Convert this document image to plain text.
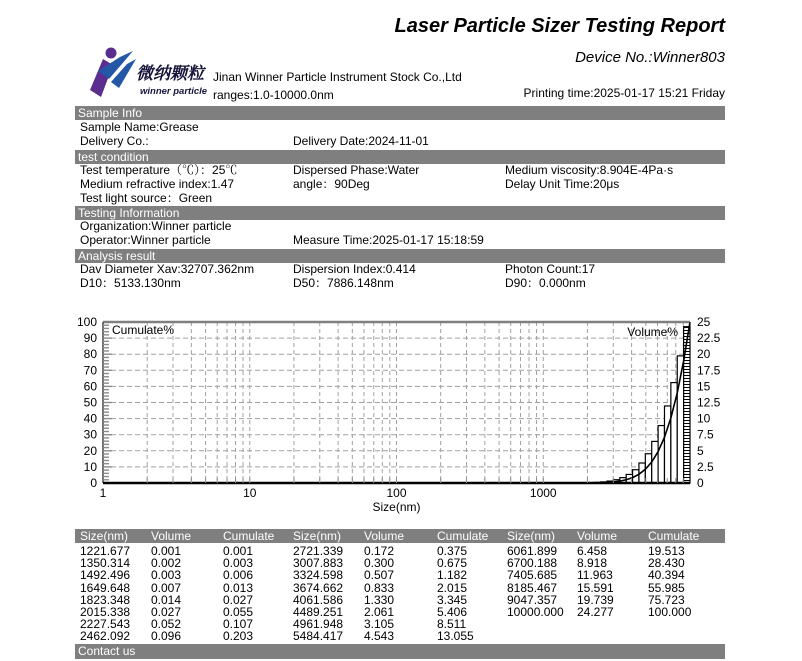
Laser Particle Sizer Testing Report
Device No.:Winner803
微纳颗粒
winner particle
Jinan Winner Particle Instrument Stock Co.,Ltd
ranges:1.0-10000.0nm	Printing time:2025-01-17 15:21 Friday
Sample Info
Sample Name:Grease
Delivery Co.:	Delivery Date:2024-11-01
test condition
Test temperature（℃）：25℃	Dispersed Phase:Water	Medium viscosity:8.904E-4Pa·s
Medium refractive index:1.47	angle：90Deg	Delay Unit Time:20μs
Test light source：Green
Testing Information
Organization:Winner particle
Operator:Winner particle	Measure Time:2025-01-17 15:18:59
Analysis result
Dav Diameter Xav:32707.362nm	Dispersion Index:0.414	Photon Count:17
D10：5133.130nm	D50：7886.148nm	D90：0.000nm
0
10
20
30
40
50
60
70
80
90
100
0
2.5
5
7.5
10
12.5
15
17.5
20
22.5
25
1	10	100	1000
Size(nm)
Cumulate%	Volume%
Size(nm) Volume	Cumulate Size(nm) Volume	Cumulate Size(nm) Volume	Cumulate
1221.677 0.001	0.001	2721.339 0.172	0.375	6061.899 6.458	19.513
1350.314 0.002	0.003	3007.883 0.300	0.675	6700.188 8.918	28.430
1492.496 0.003	0.006	3324.598 0.507	1.182	7405.685 11.963	40.394
1649.648 0.007	0.013	3674.662 0.833	2.015	8185.467 15.591	55.985
1823.348 0.014	0.027	4061.586 1.330	3.345	9047.357 19.739	75.723
2015.338 0.027	0.055	4489.251 2.061	5.406	10000.000 24.277	100.000
2227.543 0.052	0.107	4961.948 3.105	8.511
2462.092 0.096	0.203	5484.417 4.543	13.055
Contact us
